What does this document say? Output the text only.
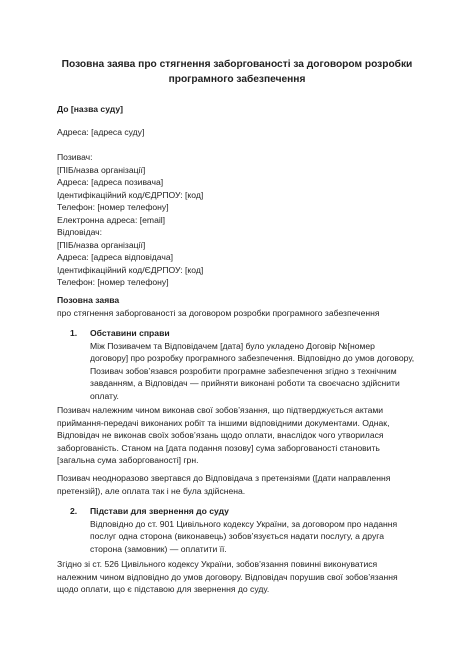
Позовна заява про стягнення заборгованості за договором розробки
програмного забезпечення
До [назва суду]
Адреса: [адреса суду]
Позивач:
[ПІБ/назва організації]
Адреса: [адреса позивача]
Ідентифікаційний код/ЄДРПОУ: [код]
Телефон: [номер телефону]
Електронна адреса: [email]
Відповідач:
[ПІБ/назва організації]
Адреса: [адреса відповідача]
Ідентифікаційний код/ЄДРПОУ: [код]
Телефон: [номер телефону]
Позовна заява
про стягнення заборгованості за договором розробки програмного забезпечення
1. Обставини справи
Між Позивачем та Відповідачем [дата] було укладено Договір №[номер
договору] про розробку програмного забезпечення. Відповідно до умов договору,
Позивач зобов’язався розробити програмне забезпечення згідно з технічним
завданням, а Відповідач — прийняти виконані роботи та своєчасно здійснити
оплату.
Позивач належним чином виконав свої зобов’язання, що підтверджується актами
приймання-передачі виконаних робіт та іншими відповідними документами. Однак,
Відповідач не виконав своїх зобов’язань щодо оплати, внаслідок чого утворилася
заборгованість. Станом на [дата подання позову] сума заборгованості становить
[загальна сума заборгованості] грн.
Позивач неодноразово звертався до Відповідача з претензіями ([дати направлення
претензій]), але оплата так і не була здійснена.
2. Підстави для звернення до суду
Відповідно до ст. 901 Цивільного кодексу України, за договором про надання
послуг одна сторона (виконавець) зобов’язується надати послугу, а друга
сторона (замовник) — оплатити її.
Згідно зі ст. 526 Цивільного кодексу України, зобов’язання повинні виконуватися
належним чином відповідно до умов договору. Відповідач порушив свої зобов’язання
щодо оплати, що є підставою для звернення до суду.
